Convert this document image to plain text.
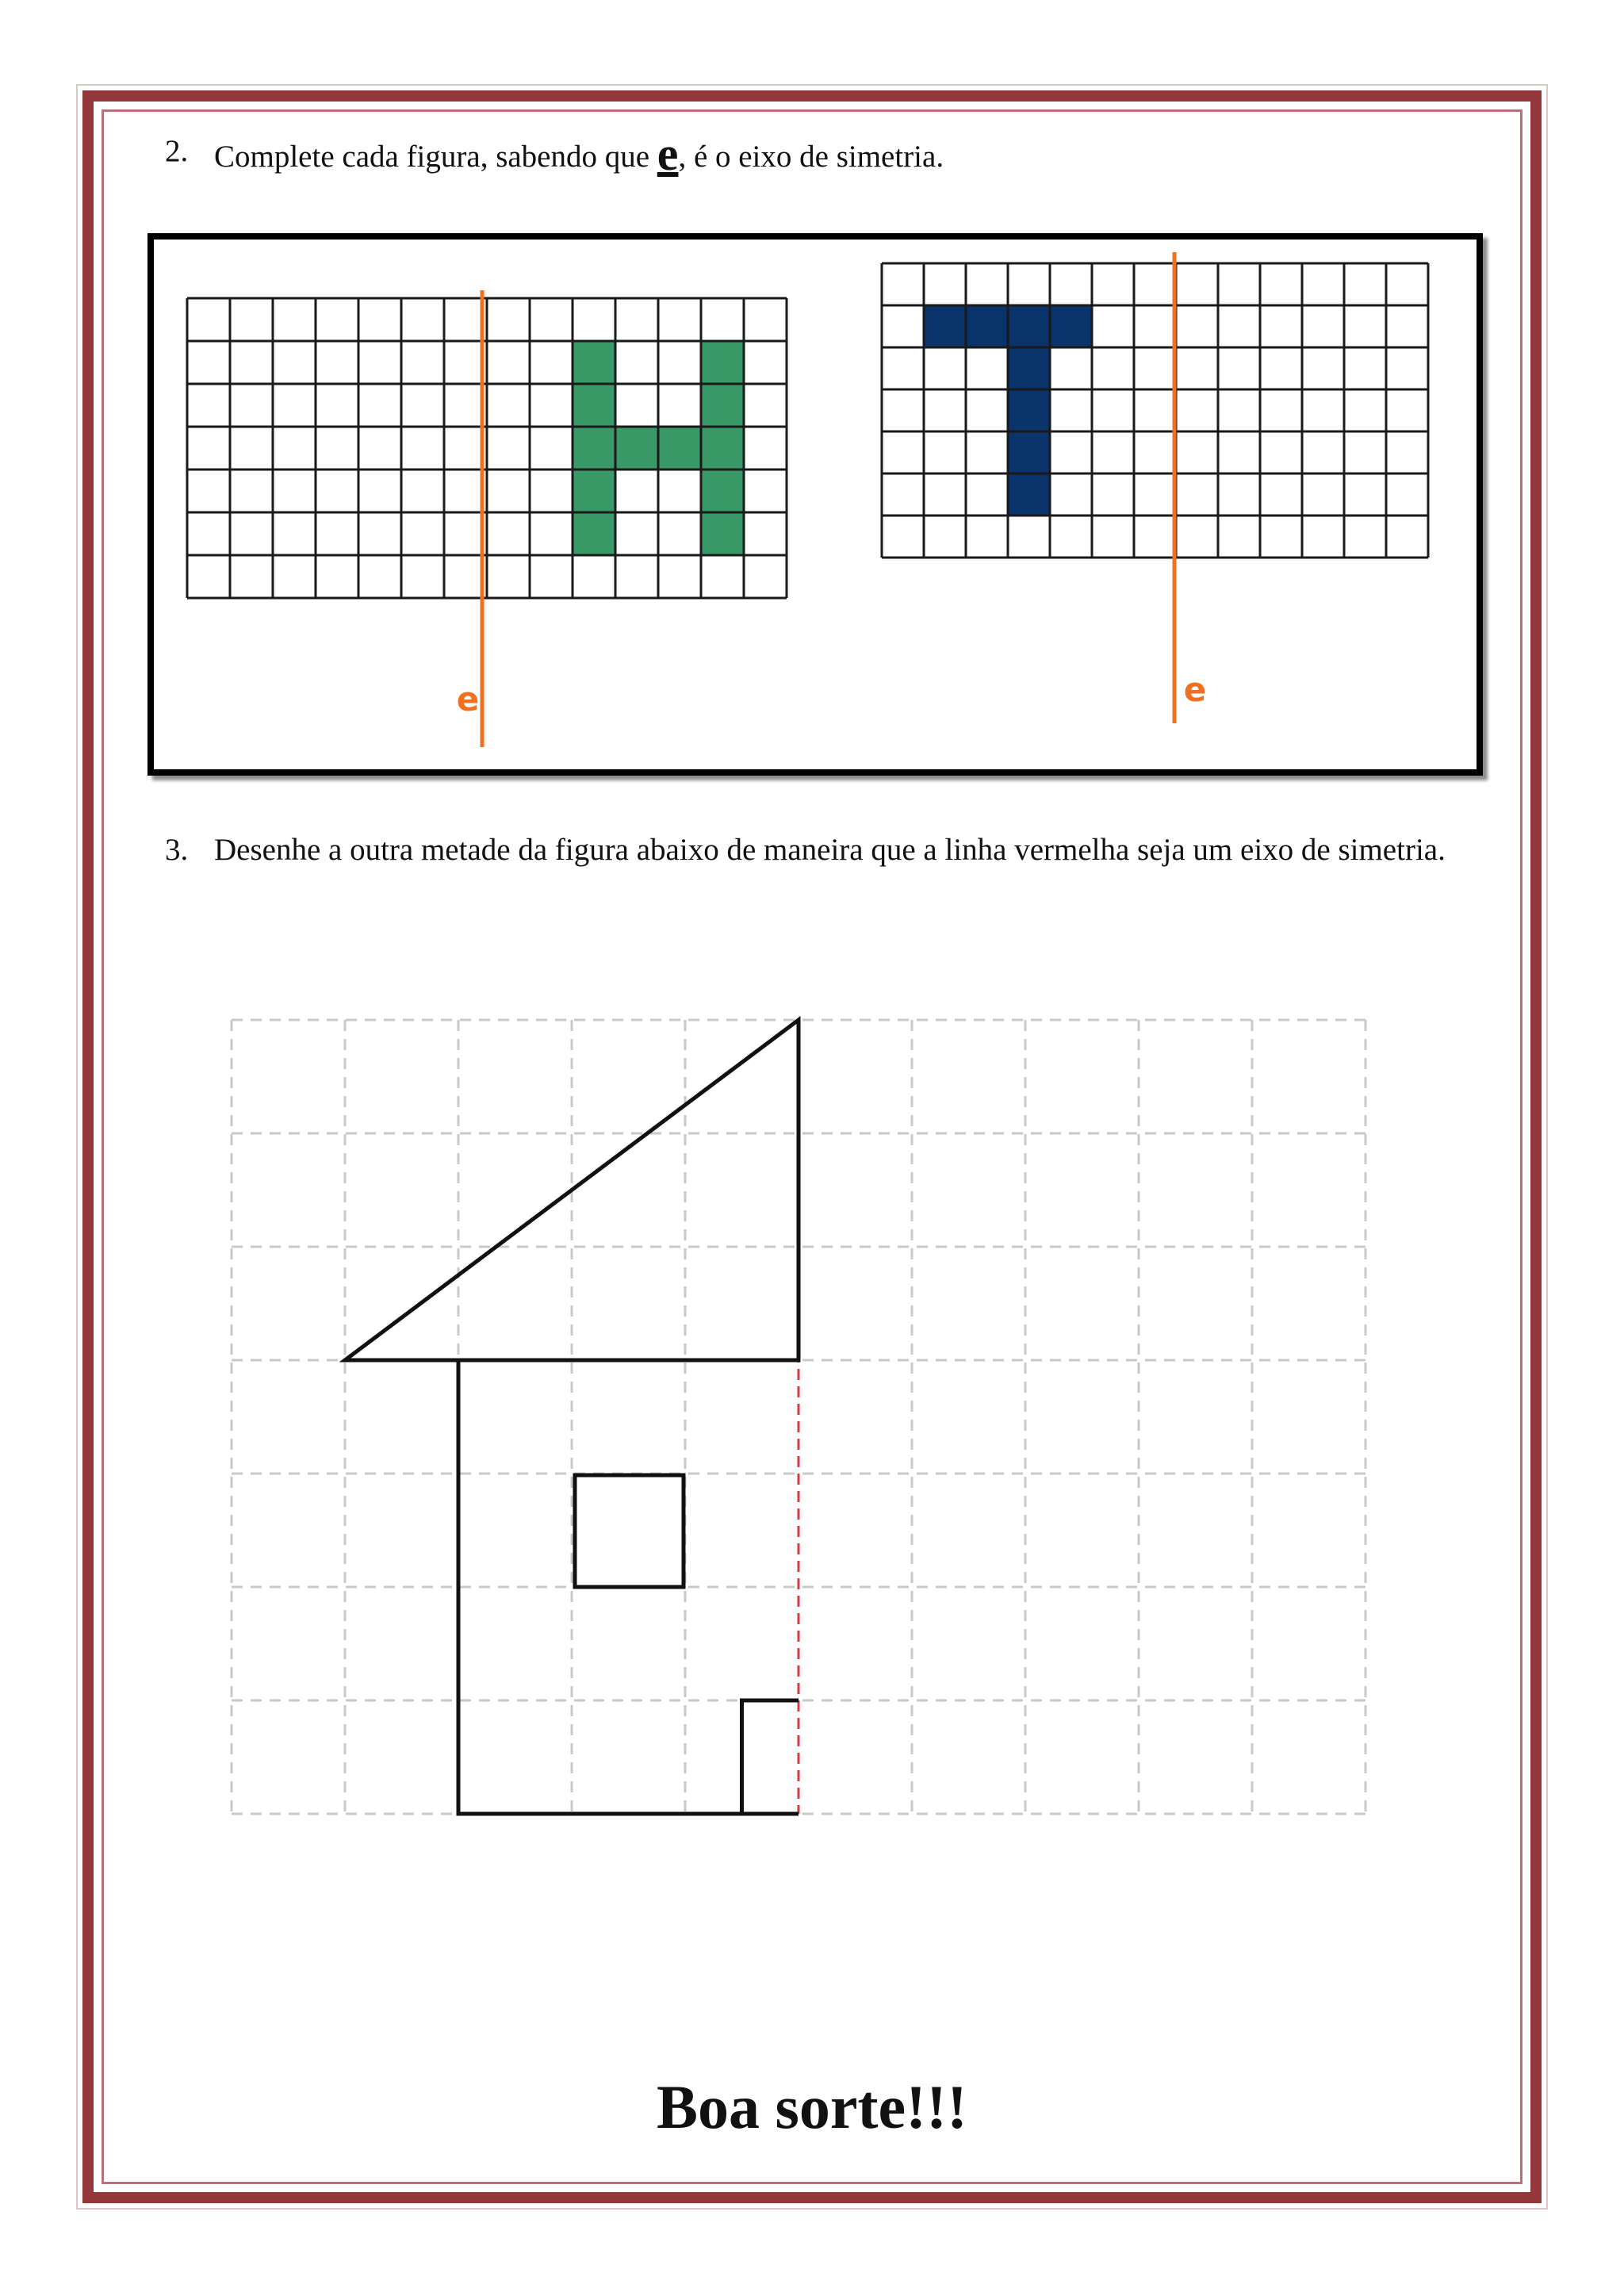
2. Complete cada figura, sabendo que e, é o eixo de simetria.
e	e
3. Desenhe a outra metade da figura abaixo de maneira que a linha vermelha seja um eixo de simetria.

Boa sorte!!!
